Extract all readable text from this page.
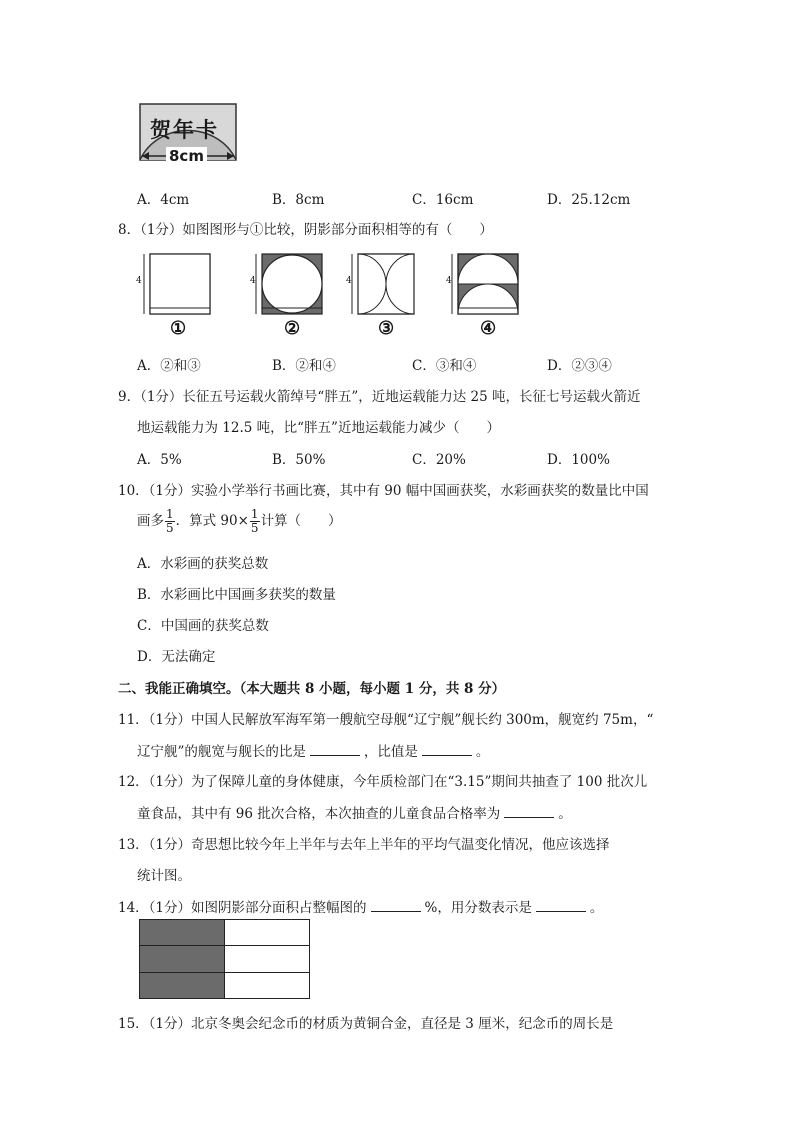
贺年卡
8cm
A．4cm	B．8cm	C．16cm	D．25.12cm
8．（1分）如图图形与①比较，阴影部分面积相等的有（　　）
4
①
4
②
4
③
4
④
A．②和③	B．②和④	C．③和④	D．②③④
9．（1分）长征五号运载火箭绰号“胖五”，近地运载能力达 25 吨，长征七号运载火箭近
地运载能力为 12.5 吨，比“胖五”近地运载能力减少（　　）
A．5%	B．50%	C．20%	D．100%
10．（1分）实验小学举行书画比赛，其中有 90 幅中国画获奖，水彩画获奖的数量比中国
画多 $\frac{1}{5}$ ．算式 $90\times \frac{1}{5}$ 计算（　　）
A．水彩画的获奖总数
B．水彩画比中国画多获奖的数量
C．中国画的获奖总数
D．无法确定
二、我能正确填空。（本大题共 8 小题，每小题 1 分，共 8 分）
11．（1分）中国人民解放军海军第一艘航空母舰“辽宁舰”舰长约 300m，舰宽约 75m，“
辽宁舰”的舰宽与舰长的比是	，比值是	。
12．（1分）为了保障儿童的身体健康，今年质检部门在“3.15”期间共抽查了 100 批次儿
童食品，其中有 96 批次合格，本次抽查的儿童食品合格率为	。
13．（1分）奇思想比较今年上半年与去年上半年的平均气温变化情况，他应该选择
统计图。
14．（1分）如图阴影部分面积占整幅图的	%，用分数表示是	。
15．（1分）北京冬奥会纪念币的材质为黄铜合金，直径是 3 厘米，纪念币的周长是
